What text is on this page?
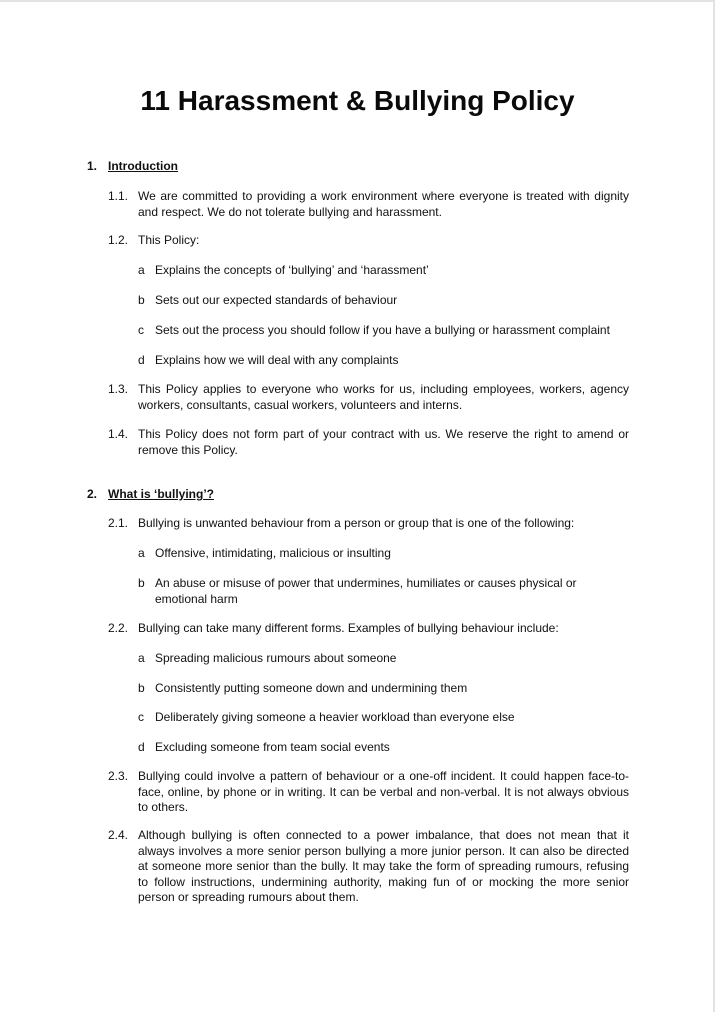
11 Harassment & Bullying Policy
1. Introduction
1.1. We are committed to providing a work environment where everyone is treated with dignity and respect. We do not tolerate bullying and harassment.
1.2. This Policy:
a Explains the concepts of ‘bullying’ and ‘harassment’
b Sets out our expected standards of behaviour
c Sets out the process you should follow if you have a bullying or harassment complaint
d Explains how we will deal with any complaints
1.3. This Policy applies to everyone who works for us, including employees, workers, agency workers, consultants, casual workers, volunteers and interns.
1.4. This Policy does not form part of your contract with us. We reserve the right to amend or remove this Policy.
2. What is ‘bullying’?
2.1. Bullying is unwanted behaviour from a person or group that is one of the following:
a Offensive, intimidating, malicious or insulting
b An abuse or misuse of power that undermines, humiliates or causes physical or emotional harm
2.2. Bullying can take many different forms. Examples of bullying behaviour include:
a Spreading malicious rumours about someone
b Consistently putting someone down and undermining them
c Deliberately giving someone a heavier workload than everyone else
d Excluding someone from team social events
2.3. Bullying could involve a pattern of behaviour or a one-off incident. It could happen face-to-face, online, by phone or in writing. It can be verbal and non-verbal. It is not always obvious to others.
2.4. Although bullying is often connected to a power imbalance, that does not mean that it always involves a more senior person bullying a more junior person. It can also be directed at someone more senior than the bully. It may take the form of spreading rumours, refusing to follow instructions, undermining authority, making fun of or mocking the more senior person or spreading rumours about them.
